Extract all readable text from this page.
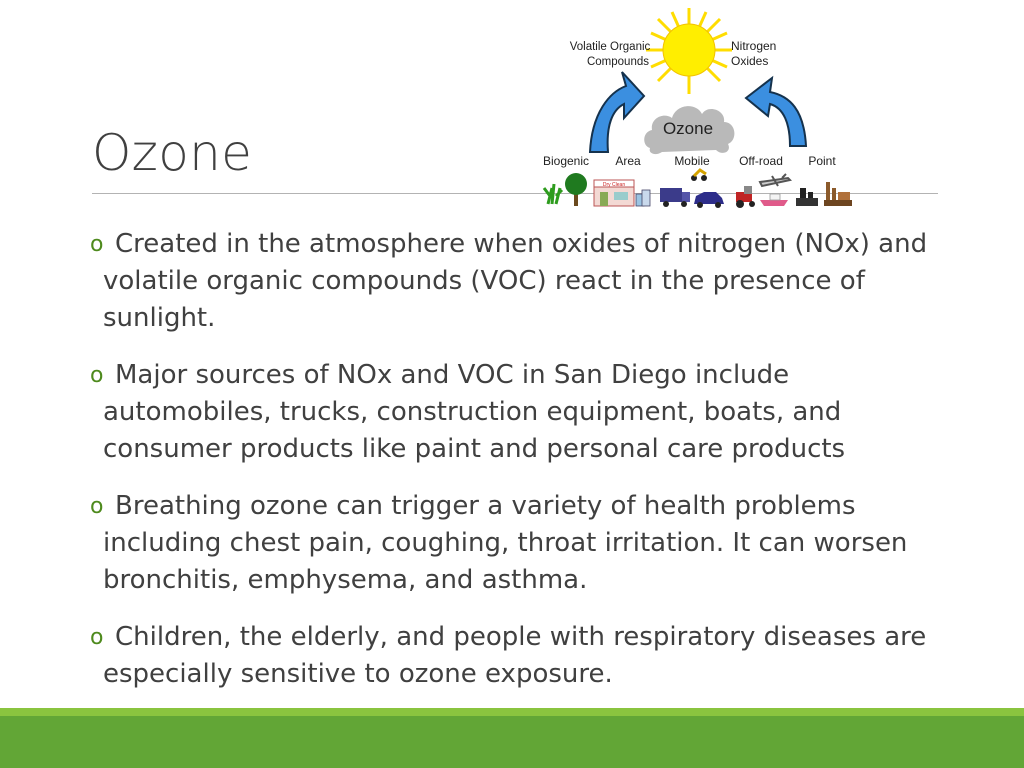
Ozone	Ozone
Volatile Organic
Compounds
Nitrogen
Oxides
Biogenic Area	Mobile Off-road Point
Dry Clean
o Created in the atmosphere when oxides of nitrogen (NOx) and volatile organic compounds (VOC) react in the presence of sunlight.
o Major sources of NOx and VOC in San Diego include automobiles, trucks, construction equipment, boats, and consumer products like paint and personal care products
o Breathing ozone can trigger a variety of health problems including chest pain, coughing, throat irritation. It can worsen bronchitis, emphysema, and asthma.
o Children, the elderly, and people with respiratory diseases are especially sensitive to ozone exposure.
